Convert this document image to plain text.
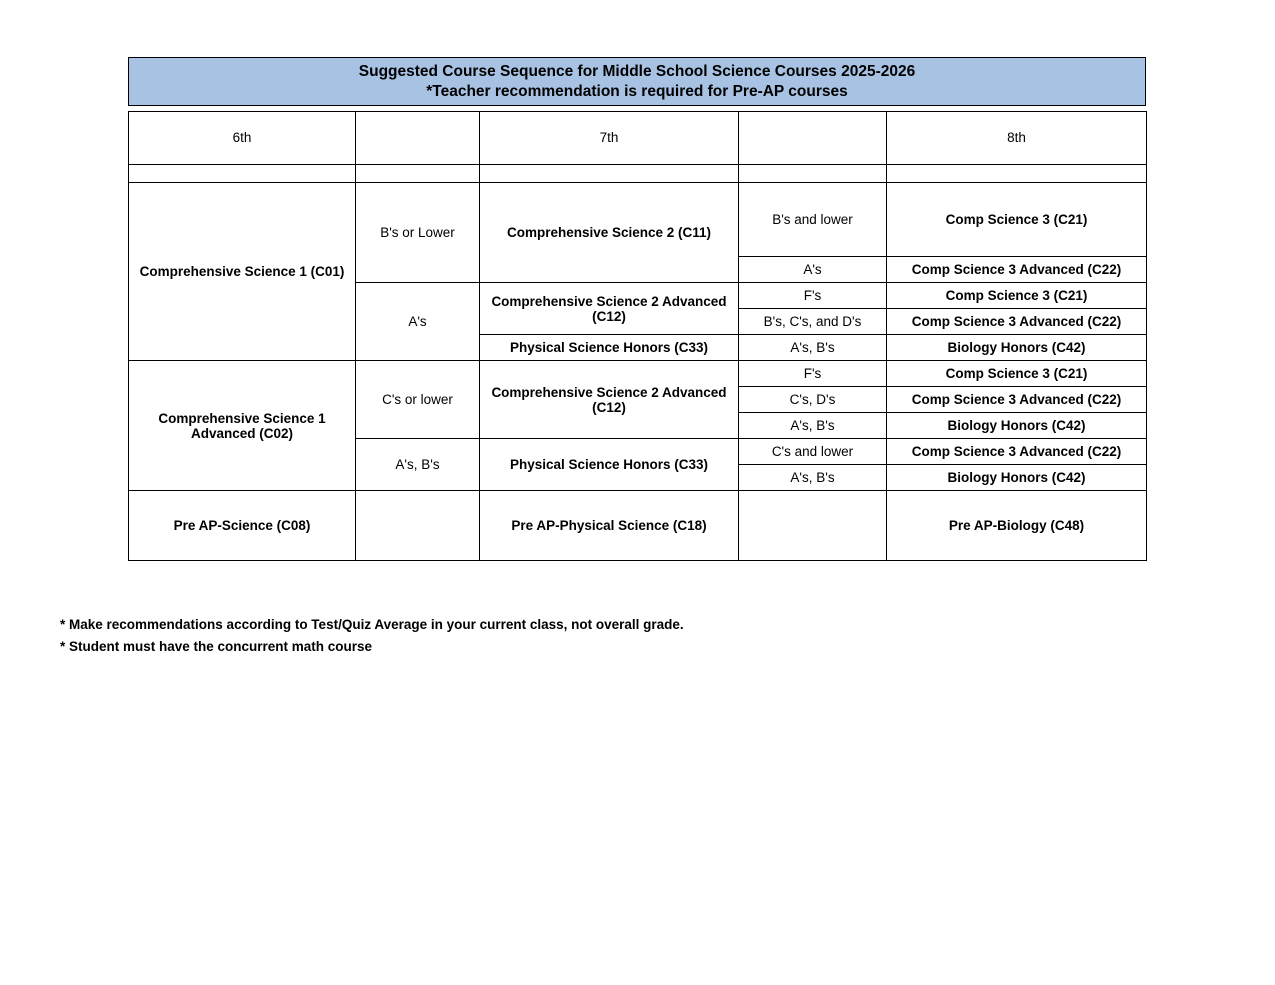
Suggested Course Sequence for Middle School Science Courses 2025-2026
*Teacher recommendation is required for Pre-AP courses
6th		7th		8th

Comprehensive Science 1 (C01)	B's or Lower	Comprehensive Science 2 (C11)	B's and lower	Comp Science 3 (C21)
			A's	Comp Science 3 Advanced (C22)
	A's	Comprehensive Science 2 Advanced (C12)	F's	Comp Science 3 (C21)
			B's, C's, and D's	Comp Science 3 Advanced (C22)
		Physical Science Honors (C33)	A's, B's	Biology Honors (C42)
Comprehensive Science 1 Advanced (C02)	C's or lower	Comprehensive Science 2 Advanced (C12)	F's	Comp Science 3 (C21)
			C's, D's	Comp Science 3 Advanced (C22)
			A's, B's	Biology Honors (C42)
	A's, B's	Physical Science Honors (C33)	C's and lower	Comp Science 3 Advanced (C22)
			A's, B's	Biology Honors (C42)
Pre AP-Science (C08)		Pre AP-Physical Science (C18)		Pre AP-Biology (C48)
* Make recommendations according to Test/Quiz Average in your current class, not overall grade.
* Student must have the concurrent math course
